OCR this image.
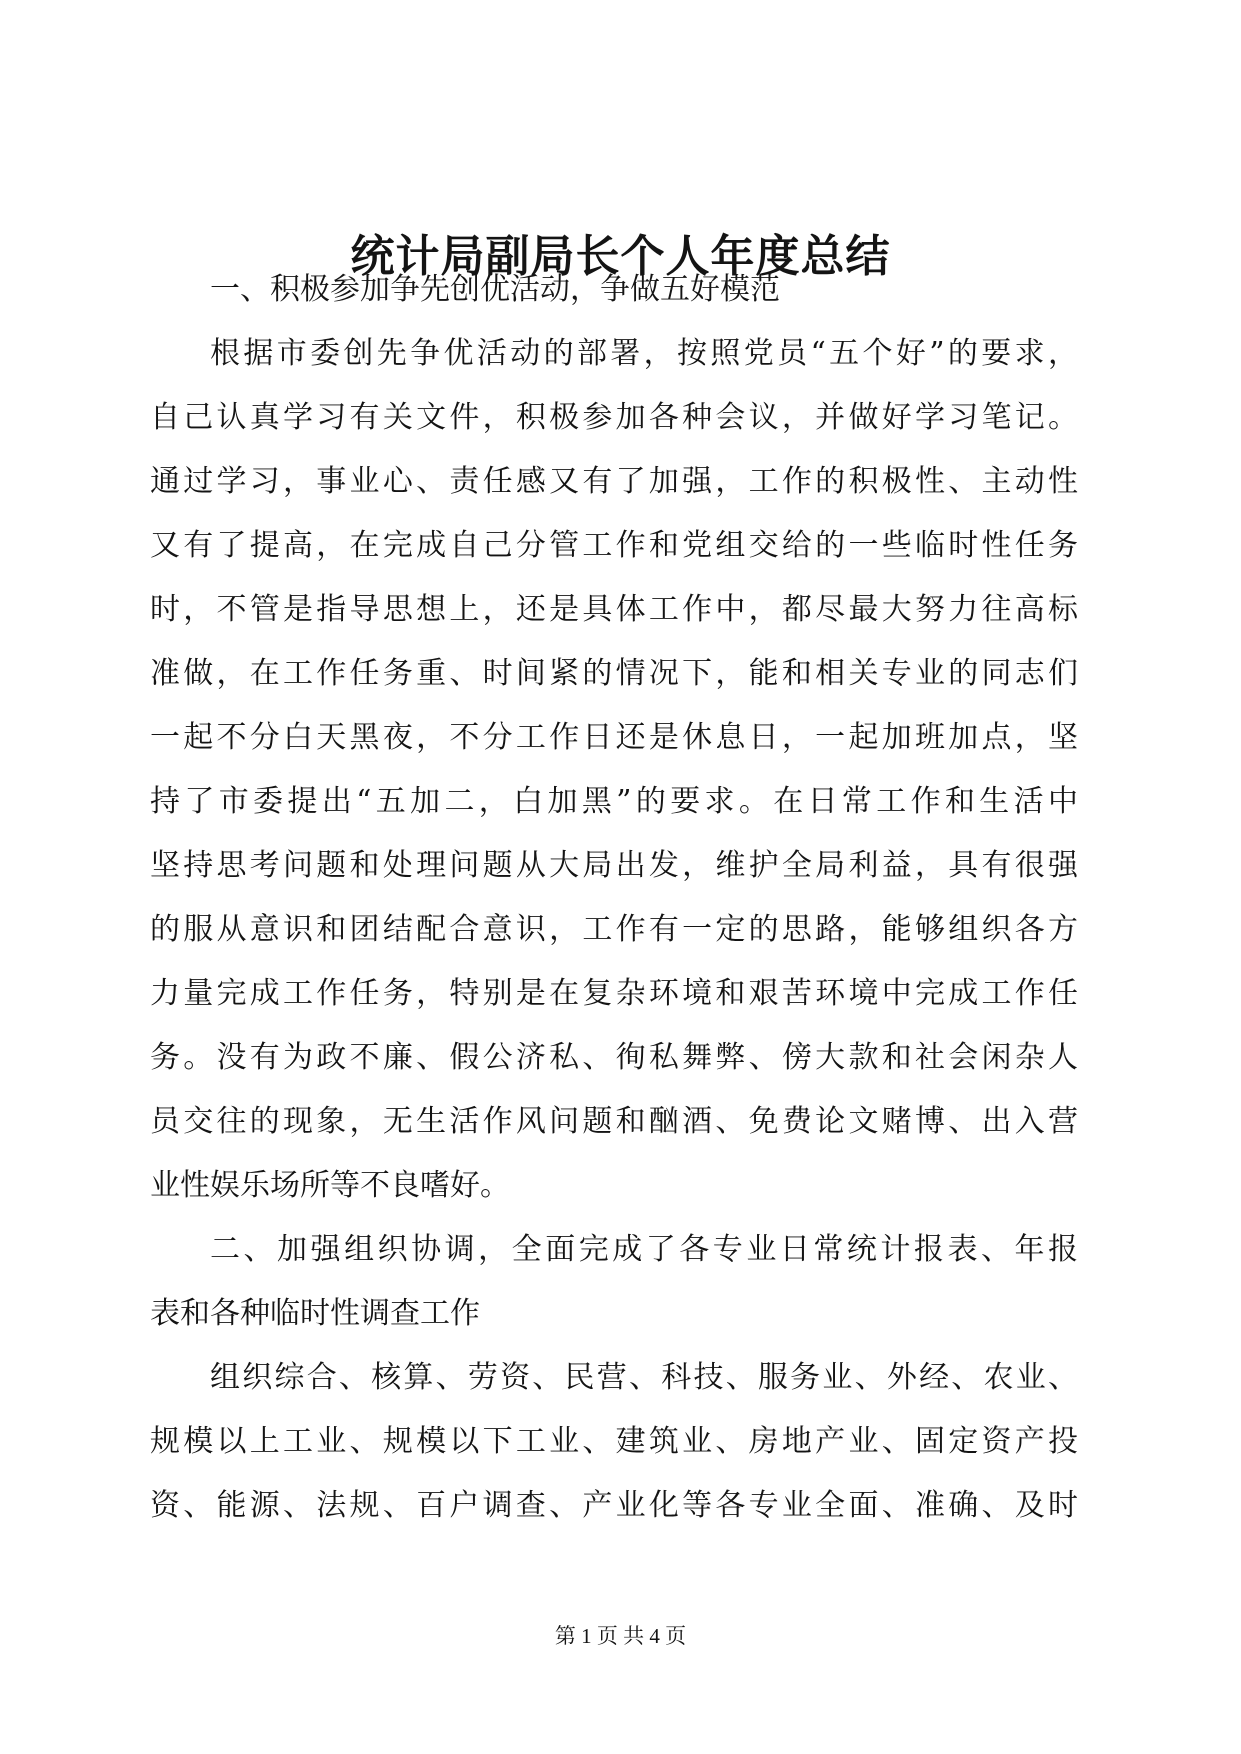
统计局副局长个人年度总结
一、积极参加争先创优活动，争做五好模范
根据市委创先争优活动的部署，按照党员“五个好”的要求，
自己认真学习有关文件，积极参加各种会议，并做好学习笔记。
通过学习，事业心、责任感又有了加强，工作的积极性、主动性
又有了提高，在完成自己分管工作和党组交给的一些临时性任务
时，不管是指导思想上，还是具体工作中，都尽最大努力往高标
准做，在工作任务重、时间紧的情况下，能和相关专业的同志们
一起不分白天黑夜，不分工作日还是休息日，一起加班加点，坚
持了市委提出“五加二，白加黑”的要求。在日常工作和生活中
坚持思考问题和处理问题从大局出发，维护全局利益，具有很强
的服从意识和团结配合意识，工作有一定的思路，能够组织各方
力量完成工作任务，特别是在复杂环境和艰苦环境中完成工作任
务。没有为政不廉、假公济私、徇私舞弊、傍大款和社会闲杂人
员交往的现象，无生活作风问题和酗酒、免费论文赌博、出入营
业性娱乐场所等不良嗜好。
二、加强组织协调，全面完成了各专业日常统计报表、年报
表和各种临时性调查工作
组织综合、核算、劳资、民营、科技、服务业、外经、农业、
规模以上工业、规模以下工业、建筑业、房地产业、固定资产投
资、能源、法规、百户调查、产业化等各专业全面、准确、及时
第 1 页 共 4 页
